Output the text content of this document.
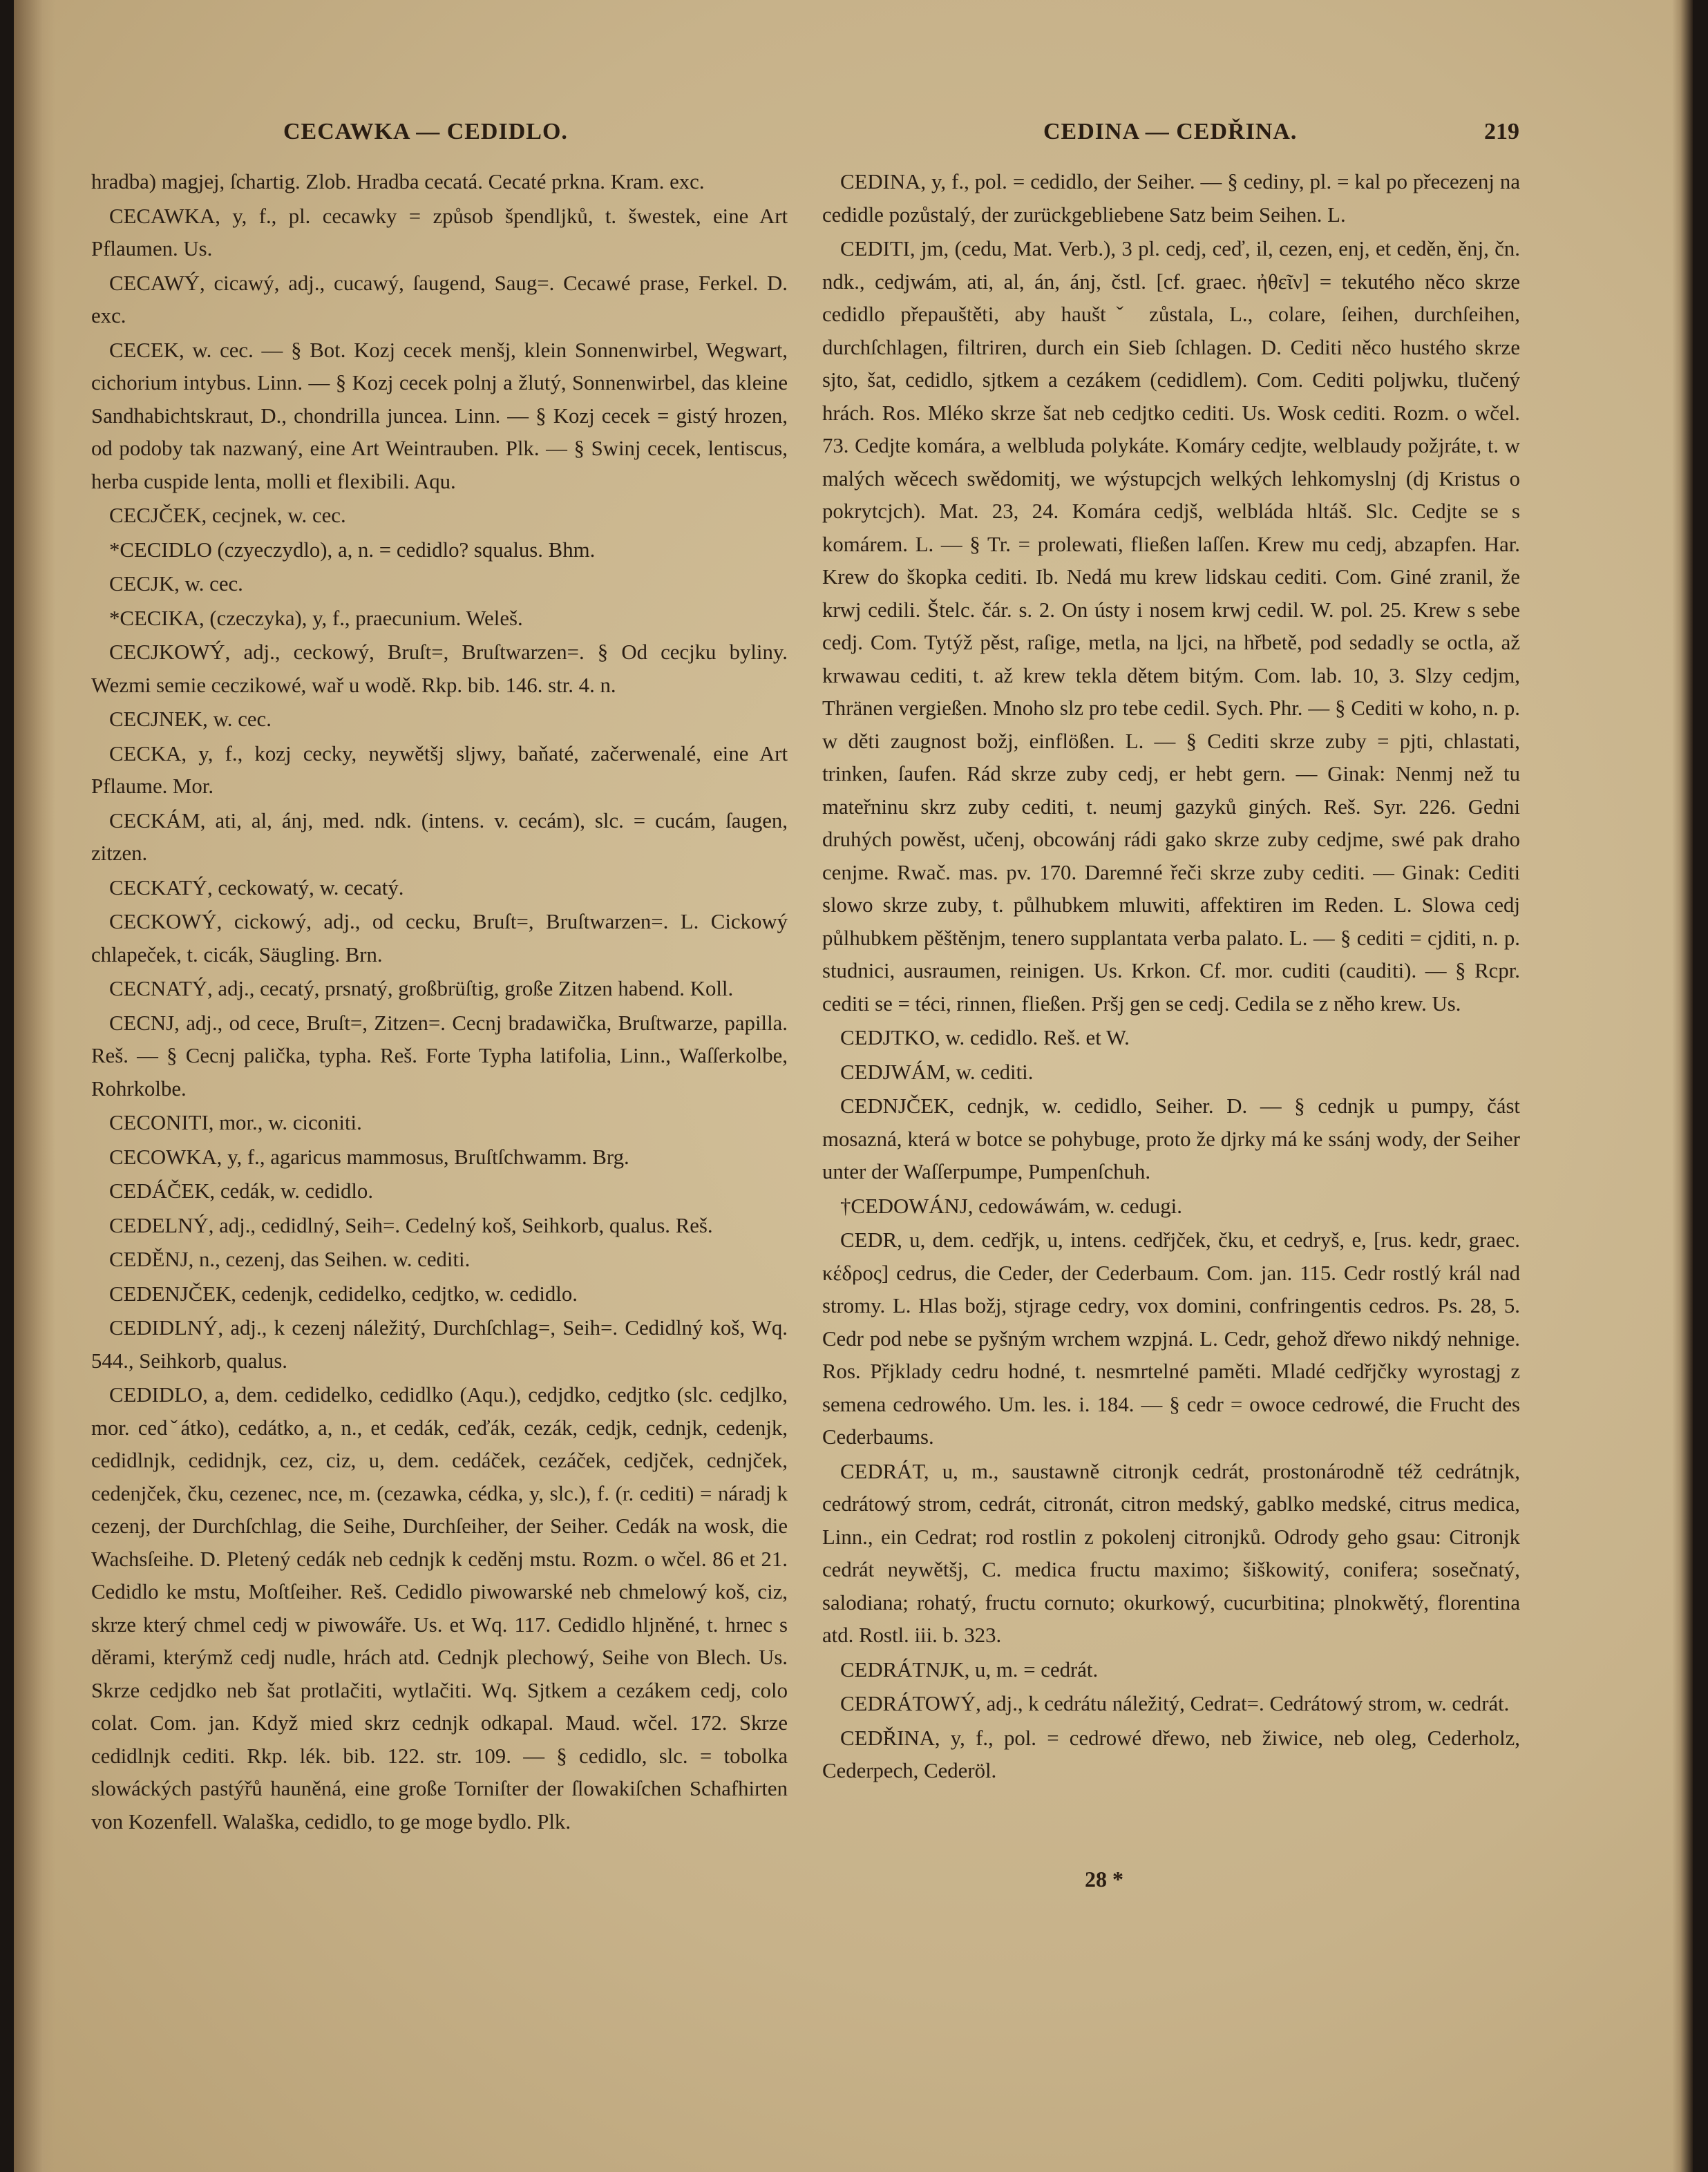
CECAWKA — CEDIDLO.	CEDINA — CEDŘINA.	219

hradba) magjej, ſchartig. Zlob. Hradba cecatá. Cecaté prkna. Kram. exc.

CECAWKA, y, f., pl. cecawky = způsob špendljků, t. šwestek, eine Art Pflaumen. Us.

CECAWÝ, cicawý, adj., cucawý, ſaugend, Saug=. Cecawé prase, Ferkel. D. exc.

CECEK, w. cec. — § Bot. Kozj cecek menšj, klein Sonnenwirbel, Wegwart, cichorium intybus. Linn. — § Kozj cecek polnj a žlutý, Sonnenwirbel, das kleine Sandhabichtskraut, D., chondrilla juncea. Linn. — § Kozj cecek = gistý hrozen, od podoby tak nazwaný, eine Art Weintrauben. Plk. — § Swinj cecek, lentiscus, herba cuspide lenta, molli et flexibili. Aqu.

CECJČEK, cecjnek, w. cec.

*CECIDLO (czyeczydlo), a, n. = cedidlo? squalus. Bhm.

CECJK, w. cec.

*CECIKA, (czeczyka), y, f., praecunium. Weleš.

CECJKOWÝ, adj., ceckowý, Bruſt=, Bruſtwarzen=. § Od cecjku byliny. Wezmi semie ceczikowé, wař u wodě. Rkp. bib. 146. str. 4. n.

CECJNEK, w. cec.

CECKA, y, f., kozj cecky, neywětšj sljwy, baňaté, začerwenalé, eine Art Pflaume. Mor.

CECKÁM, ati, al, ánj, med. ndk. (intens. v. cecám), slc. = cucám, ſaugen, zitzen.

CECKATÝ, ceckowatý, w. cecatý.

CECKOWÝ, cickowý, adj., od cecku, Bruſt=, Bruſtwarzen=. L. Cickowý chlapeček, t. cicák, Säugling. Brn.

CECNATÝ, adj., cecatý, prsnatý, großbrüſtig, große Zitzen habend. Koll.

CECNJ, adj., od cece, Bruſt=, Zitzen=. Cecnj bradawička, Bruſtwarze, papilla. Reš. — § Cecnj palička, typha. Reš. Forte Typha latifolia, Linn., Waſſerkolbe, Rohrkolbe.

CECONITI, mor., w. ciconiti.

CECOWKA, y, f., agaricus mammosus, Bruſtſchwamm. Brg.

CEDÁČEK, cedák, w. cedidlo.

CEDELNÝ, adj., cedidlný, Seih=. Cedelný koš, Seihkorb, qualus. Reš.

CEDĚNJ, n., cezenj, das Seihen. w. cediti.

CEDENJČEK, cedenjk, cedidelko, cedjtko, w. cedidlo.

CEDIDLNÝ, adj., k cezenj náležitý, Durchſchlag=, Seih=. Cedidlný koš, Wq. 544., Seihkorb, qualus.

CEDIDLO, a, dem. cedidelko, cedidlko (Aqu.), cedjdko, cedjtko (slc. cedjlko, mor. cedˇátko), cedátko, a, n., et cedák, ceďák, cezák, cedjk, cednjk, cedenjk, cedidlnjk, cedidnjk, cez, ciz, u, dem. cedáček, cezáček, cedjček, cednjček, cedenjček, čku, cezeneс, nce, m. (cezawka, cédka, y, slc.), f. (r. cediti) = náradj k cezenj, der Durchſchlag, die Seihe, Durchſeiher, der Seiher. Cedák na wosk, die Wachsſeihe. D. Pletený cedák neb cednjk k ceděnj mstu. Rozm. o wčel. 86 et 21. Cedidlo ke mstu, Moſtſeiher. Reš. Cedidlo piwowarské neb chmelowý koš, ciz, skrze který chmel cedj w piwowáře. Us. et Wq. 117. Cedidlo hljněné, t. hrnec s děrami, kterýmž cedj nudle, hrách atd. Cednjk plechowý, Seihe von Blech. Us. Skrze cedjdko neb šat protlačiti, wytlačiti. Wq. Sjtkem a cezákem cedj, colo colat. Com. jan. Když mied skrz cednjk odkapal. Maud. wčel. 172. Skrze cedidlnjk cediti. Rkp. lék. bib. 122. str. 109. — § cedidlo, slc. = tobolka slowáckých pastýřů hauněná, eine große Torniſter der ſlowakiſchen Schafhirten von Kozenfell. Walaška, cedidlo, to ge moge bydlo. Plk.

CEDINA, y, f., pol. = cedidlo, der Seiher. — § cediny, pl. = kal po přecezenj na cedidle pozůstalý, der zurückgebliebene Satz beim Seihen. L.

CEDITI, jm, (cedu, Mat. Verb.), 3 pl. cedj, ceď, il, cezen, enj, et ceděn, ěnj, čn. ndk., cedjwám, ati, al, án, ánj, čstl. [cf. graec. ἠθεῖν] = tekutého něco skrze cedidlo přepauštěti, aby hauštˇ zůstala, L., colare, ſeihen, durchſeihen, durchſchlagen, filtriren, durch ein Sieb ſchlagen. D. Cediti něco hustého skrze sjto, šat, cedidlo, sjtkem a cezákem (cedidlem). Com. Cediti poljwku, tlučený hrách. Ros. Mléko skrze šat neb cedjtko cediti. Us. Wosk cediti. Rozm. o wčel. 73. Cedjte komára, a welbluda polykáte. Komáry cedjte, welblaudy požjráte, t. w malých wěcech swědomitj, we wýstupcjch welkých lehkomyslnj (dj Kristus o pokrytcjch). Mat. 23, 24. Komára cedjš, welbláda hltáš. Slc. Cedjte se s komárem. L. — § Tr. = prolewati, fließen laſſen. Krew mu cedj, abzapfen. Har. Krew do škopka cediti. Ib. Nedá mu krew lidskau cediti. Com. Giné zranil, že krwj cedili. Štelc. čár. s. 2. On ústy i nosem krwj cedil. W. pol. 25. Krew s sebe cedj. Com. Tytýž pěst, raſige, metla, na ljci, na hřbetě, pod sedadly se octla, až krwawau cediti, t. až krew tekla dětem bitým. Com. lab. 10, 3. Slzy cedjm, Thränen vergießen. Mnoho slz pro tebe cedil. Sych. Phr. — § Cediti w koho, n. p. w děti zaugnost božj, einflößen. L. — § Cediti skrze zuby = pjti, chlastati, trinken, ſaufen. Rád skrze zuby cedj, er hebt gern. — Ginak: Nenmj než tu mateřninu skrz zuby cediti, t. neumj gazyků giných. Reš. Syr. 226. Gedni druhých powěst, učenj, obcowánj rádi gako skrze zuby cedjme, swé pak draho cenjme. Rwač. mas. pv. 170. Daremné řeči skrze zuby cediti. — Ginak: Cediti slowo skrze zuby, t. půlhubkem mluwiti, affektiren im Reden. L. Slowa cedj půlhubkem pěštěnjm, tenero supplantata verba palato. L. — § cediti = cjditi, n. p. studnici, ausraumen, reinigen. Us. Krkon. Cf. mor. cuditi (cauditi). — § Rcpr. cediti se = téci, rinnen, fließen. Pršj gen se cedj. Cedila se z něho krew. Us.

CEDJTKO, w. cedidlo. Reš. et W.

CEDJWÁM, w. cediti.

CEDNJČEK, cednjk, w. cedidlo, Seiher. D. — § cednjk u pumpy, část mosazná, která w botce se pohybuge, proto že djrky má ke ssánj wody, der Seiher unter der Waſſerpumpe, Pumpenſchuh.

†CEDOWÁNJ, cedowáwám, w. cedugi.

CEDR, u, dem. cedřjk, u, intens. cedřjček, čku, et cedryš, e, [rus. kedr, graec. κέδρος] cedrus, die Ceder, der Cederbaum. Com. jan. 115. Cedr rostlý král nad stromy. L. Hlas božj, stjrage cedry, vox domini, confringentis cedros. Ps. 28, 5. Cedr pod nebe se pyšným wrchem wzpjná. L. Cedr, gehož dřewo nikdý nehnige. Ros. Přjklady cedru hodné, t. nesmrtelné paměti. Mladé cedřjčky wyrostagj z semena cedrowého. Um. les. i. 184. — § cedr = owoce cedrowé, die Frucht des Cederbaums.

CEDRÁT, u, m., saustawně citronjk cedrát, prostonárodně též cedrátnjk, cedrátowý strom, cedrát, citronát, citron medský, gablko medské, citrus medica, Linn., ein Cedrat; rod rostlin z pokolenj citronjků. Odrody geho gsau: Citronjk cedrát neywětšj, C. medica fructu maximo; šiškowitý, conifera; sosečnatý, salodiana; rohatý, fructu cornuto; okurkowý, cucurbitina; plnokwětý, florentina atd. Rostl. iii. b. 323.

CEDRÁTNJK, u, m. = cedrát.

CEDRÁTOWÝ, adj., k cedrátu náležitý, Cedrat=. Cedrátowý strom, w. cedrát.

CEDŘINA, y, f., pol. = cedrowé dřewo, neb žiwice, neb oleg, Cederholz, Cederpech, Cederöl.

28 *
